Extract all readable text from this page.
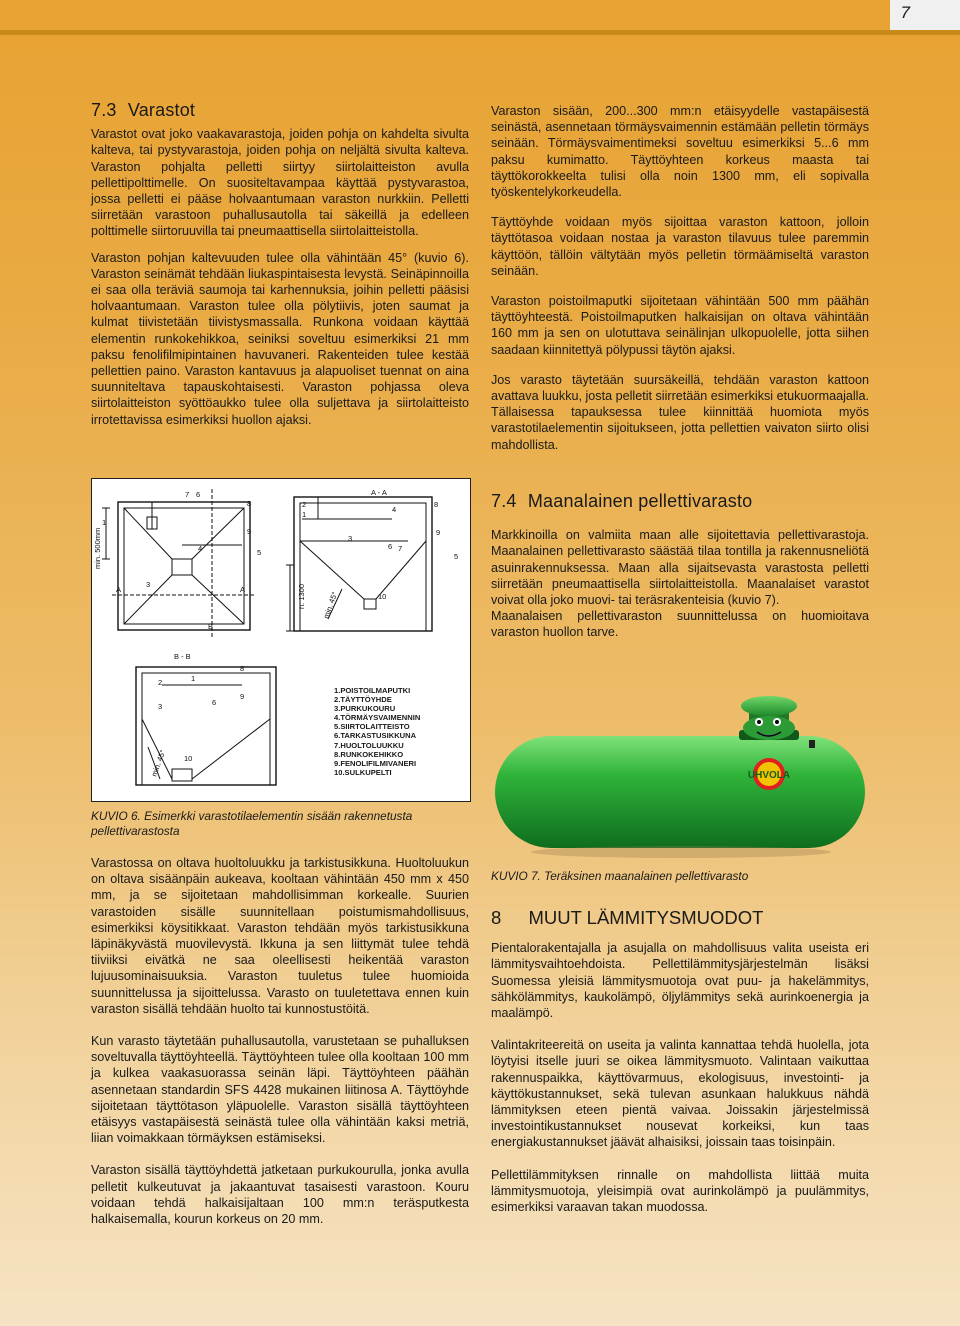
7
7.3 Varastot

Varastot ovat joko vaakavarastoja, joiden pohja on kahdelta sivulta kalteva, tai pystyvarastoja, joiden pohja on neljältä sivulta kalteva. Varaston pohjalta pelletti siirtyy siirtolaitteiston avulla pellettipolttimelle. On suositeltavampaa käyttää pystyvarastoa, jossa pelletti ei pääse holvaantumaan varaston nurkkiin. Pelletti siirretään varastoon puhallusautolla tai säkeillä ja edelleen polttimelle siirtoruuvilla tai pneumaattisella siirtolaitteistolla.

Varaston pohjan kaltevuuden tulee olla vähintään 45° (kuvio 6). Varaston seinämät tehdään liukaspintaisesta levystä. Seinäpinnoilla ei saa olla teräviä saumoja tai karhennuksia, joihin pelletti pääsisi holvaantumaan. Varaston tulee olla pölytiivis, joten saumat ja kulmat tiivistetään tiivistysmassalla. Runkona voidaan käyttää elementin runkokehikkoa, seiniksi soveltuu esimerkiksi 21 mm paksu fenolifilmipintainen havuvaneri. Rakenteiden tulee kestää pellettien paino. Varaston kantavuus ja alapuoliset tuennat on aina suunniteltava tapauskohtaisesti. Varaston pohjassa oleva siirtolaitteiston syöttöaukko tulee olla suljettava ja siirtolaitteisto irrotettavissa esimerkiksi huollon ajaksi.

7 6
8
1
9
4	5
3
A	A
B
min. 500mm
A - A
2
1
4
8
3
6 7
9
5
10
n. 1300 min. 45°
B - B
8
1
2
9
3	6
10
min. 45°
1.POISTOILMAPUTKI
2.TÄYTTÖYHDE
3.PURKUKOURU
4.TÖRMÄYSVAIMENNIN
5.SIIRTOLAITTEISTO
6.TARKASTUSIKKUNA
7.HUOLTOLUUKKU
8.RUNKOKEHIKKO
9.FENOLIFILMIVANERI
10.SULKUPELTI
KUVIO 6. Esimerkki varastotilaelementin sisään rakennetusta pellettivarastosta

Varastossa on oltava huoltoluukku ja tarkistusikkuna. Huoltoluukun on oltava sisäänpäin aukeava, kooltaan vähintään 450 mm x 450 mm, ja se sijoitetaan mahdollisimman korkealle. Suurien varastoiden sisälle suunnitellaan poistumismahdollisuus, esimerkiksi köysitikkaat. Varaston tehdään myös tarkistusikkuna läpinäkyvästä muovilevystä. Ikkuna ja sen liittymät tulee tehdä tiiviiksi eivätkä ne saa oleellisesti heikentää varaston lujuusominaisuuksia. Varaston tuuletus tulee huomioida suunnittelussa ja sijoittelussa. Varasto on tuuletettava ennen kuin varaston sisällä tehdään huolto tai kunnostustöitä.

Kun varasto täytetään puhallusautolla, varustetaan se puhalluksen soveltuvalla täyttöyhteellä. Täyttöyhteen tulee olla kooltaan 100 mm ja kulkea vaakasuorassa seinän läpi. Täyttöyhteen päähän asennetaan standardin SFS 4428 mukainen liitinosa A. Täyttöyhde sijoitetaan täyttötason yläpuolelle. Varaston sisällä täyttöyhteen etäisyys vastapäisestä seinästä tulee olla vähintään kaksi metriä, liian voimakkaan törmäyksen estämiseksi.

Varaston sisällä täyttöyhdettä jatketaan purkukourulla, jonka avulla pelletit kulkeutuvat ja jakaantuvat tasaisesti varastoon. Kouru voidaan tehdä halkaisijaltaan 100 mm:n teräsputkesta halkaisemalla, kourun korkeus on 20 mm.

Varaston sisään, 200...300 mm:n etäisyydelle vastapäisestä seinästä, asennetaan törmäysvaimennin estämään pelletin törmäys seinään. Törmäysvaimentimeksi soveltuu esimerkiksi 5...6 mm paksu kumimatto. Täyttöyhteen korkeus maasta tai täyttökorokkeelta tulisi olla noin 1300 mm, eli sopivalla työskentelykorkeudella.

Täyttöyhde voidaan myös sijoittaa varaston kattoon, jolloin täyttötasoa voidaan nostaa ja varaston tilavuus tulee paremmin käyttöön, tällöin vältytään myös pelletin törmäämiseltä varaston seinään.

Varaston poistoilmaputki sijoitetaan vähintään 500 mm päähän täyttöyhteestä. Poistoilmaputken halkaisijan on oltava vähintään 160 mm ja sen on ulotuttava seinälinjan ulkopuolelle, jotta siihen saadaan kiinnitettyä pölypussi täytön ajaksi.

Jos varasto täytetään suursäkeillä, tehdään varaston kattoon avattava luukku, josta pelletit siirretään esimerkiksi etukuormaajalla. Tällaisessa tapauksessa tulee kiinnittää huomiota myös varastotilaelementin sijoitukseen, jotta pellettien vaivaton siirto olisi mahdollista.

7.4 Maanalainen pellettivarasto

Markkinoilla on valmiita maan alle sijoitettavia pellettivarastoja. Maanalainen pellettivarasto säästää tilaa tontilla ja rakennusneliötä asuinrakennuksessa. Maan alla sijaitsevasta varastosta pelletti siirretään pneumaattisella siirtolaitteistolla. Maanalaiset varastot voivat olla joko muovi- tai teräsrakenteisia (kuvio 7).

Maanalaisen pellettivaraston suunnittelussa on huomioitava varaston huollon tarve.

UHVOLA
KUVIO 7. Teräksinen maanalainen pellettivarasto
8 MUUT LÄMMITYSMUODOT

Pientalorakentajalla ja asujalla on mahdollisuus valita useista eri lämmitysvaihtoehdoista. Pellettilämmitysjärjestelmän lisäksi Suomessa yleisiä lämmitysmuotoja ovat puu- ja hakelämmitys, sähkölämmitys, kaukolämpö, öljylämmitys sekä aurinkoenergia ja maalämpö.

Valintakriteereitä on useita ja valinta kannattaa tehdä huolella, jota löytyisi itselle juuri se oikea lämmitysmuoto. Valintaan vaikuttaa rakennuspaikka, käyttövarmuus, ekologisuus, investointi- ja käyttökustannukset, sekä tulevan asunkaan halukkuus nähdä lämmityksen eteen pientä vaivaa. Joissakin järjestelmissä investointikustannukset nousevat korkeiksi, kun taas energiakustannukset jäävät alhaisiksi, joissain taas toisinpäin.

Pellettilämmityksen rinnalle on mahdollista liittää muita lämmitysmuotoja, yleisimpiä ovat aurinkolämpö ja puulämmitys, esimerkiksi varaavan takan muodossa.
